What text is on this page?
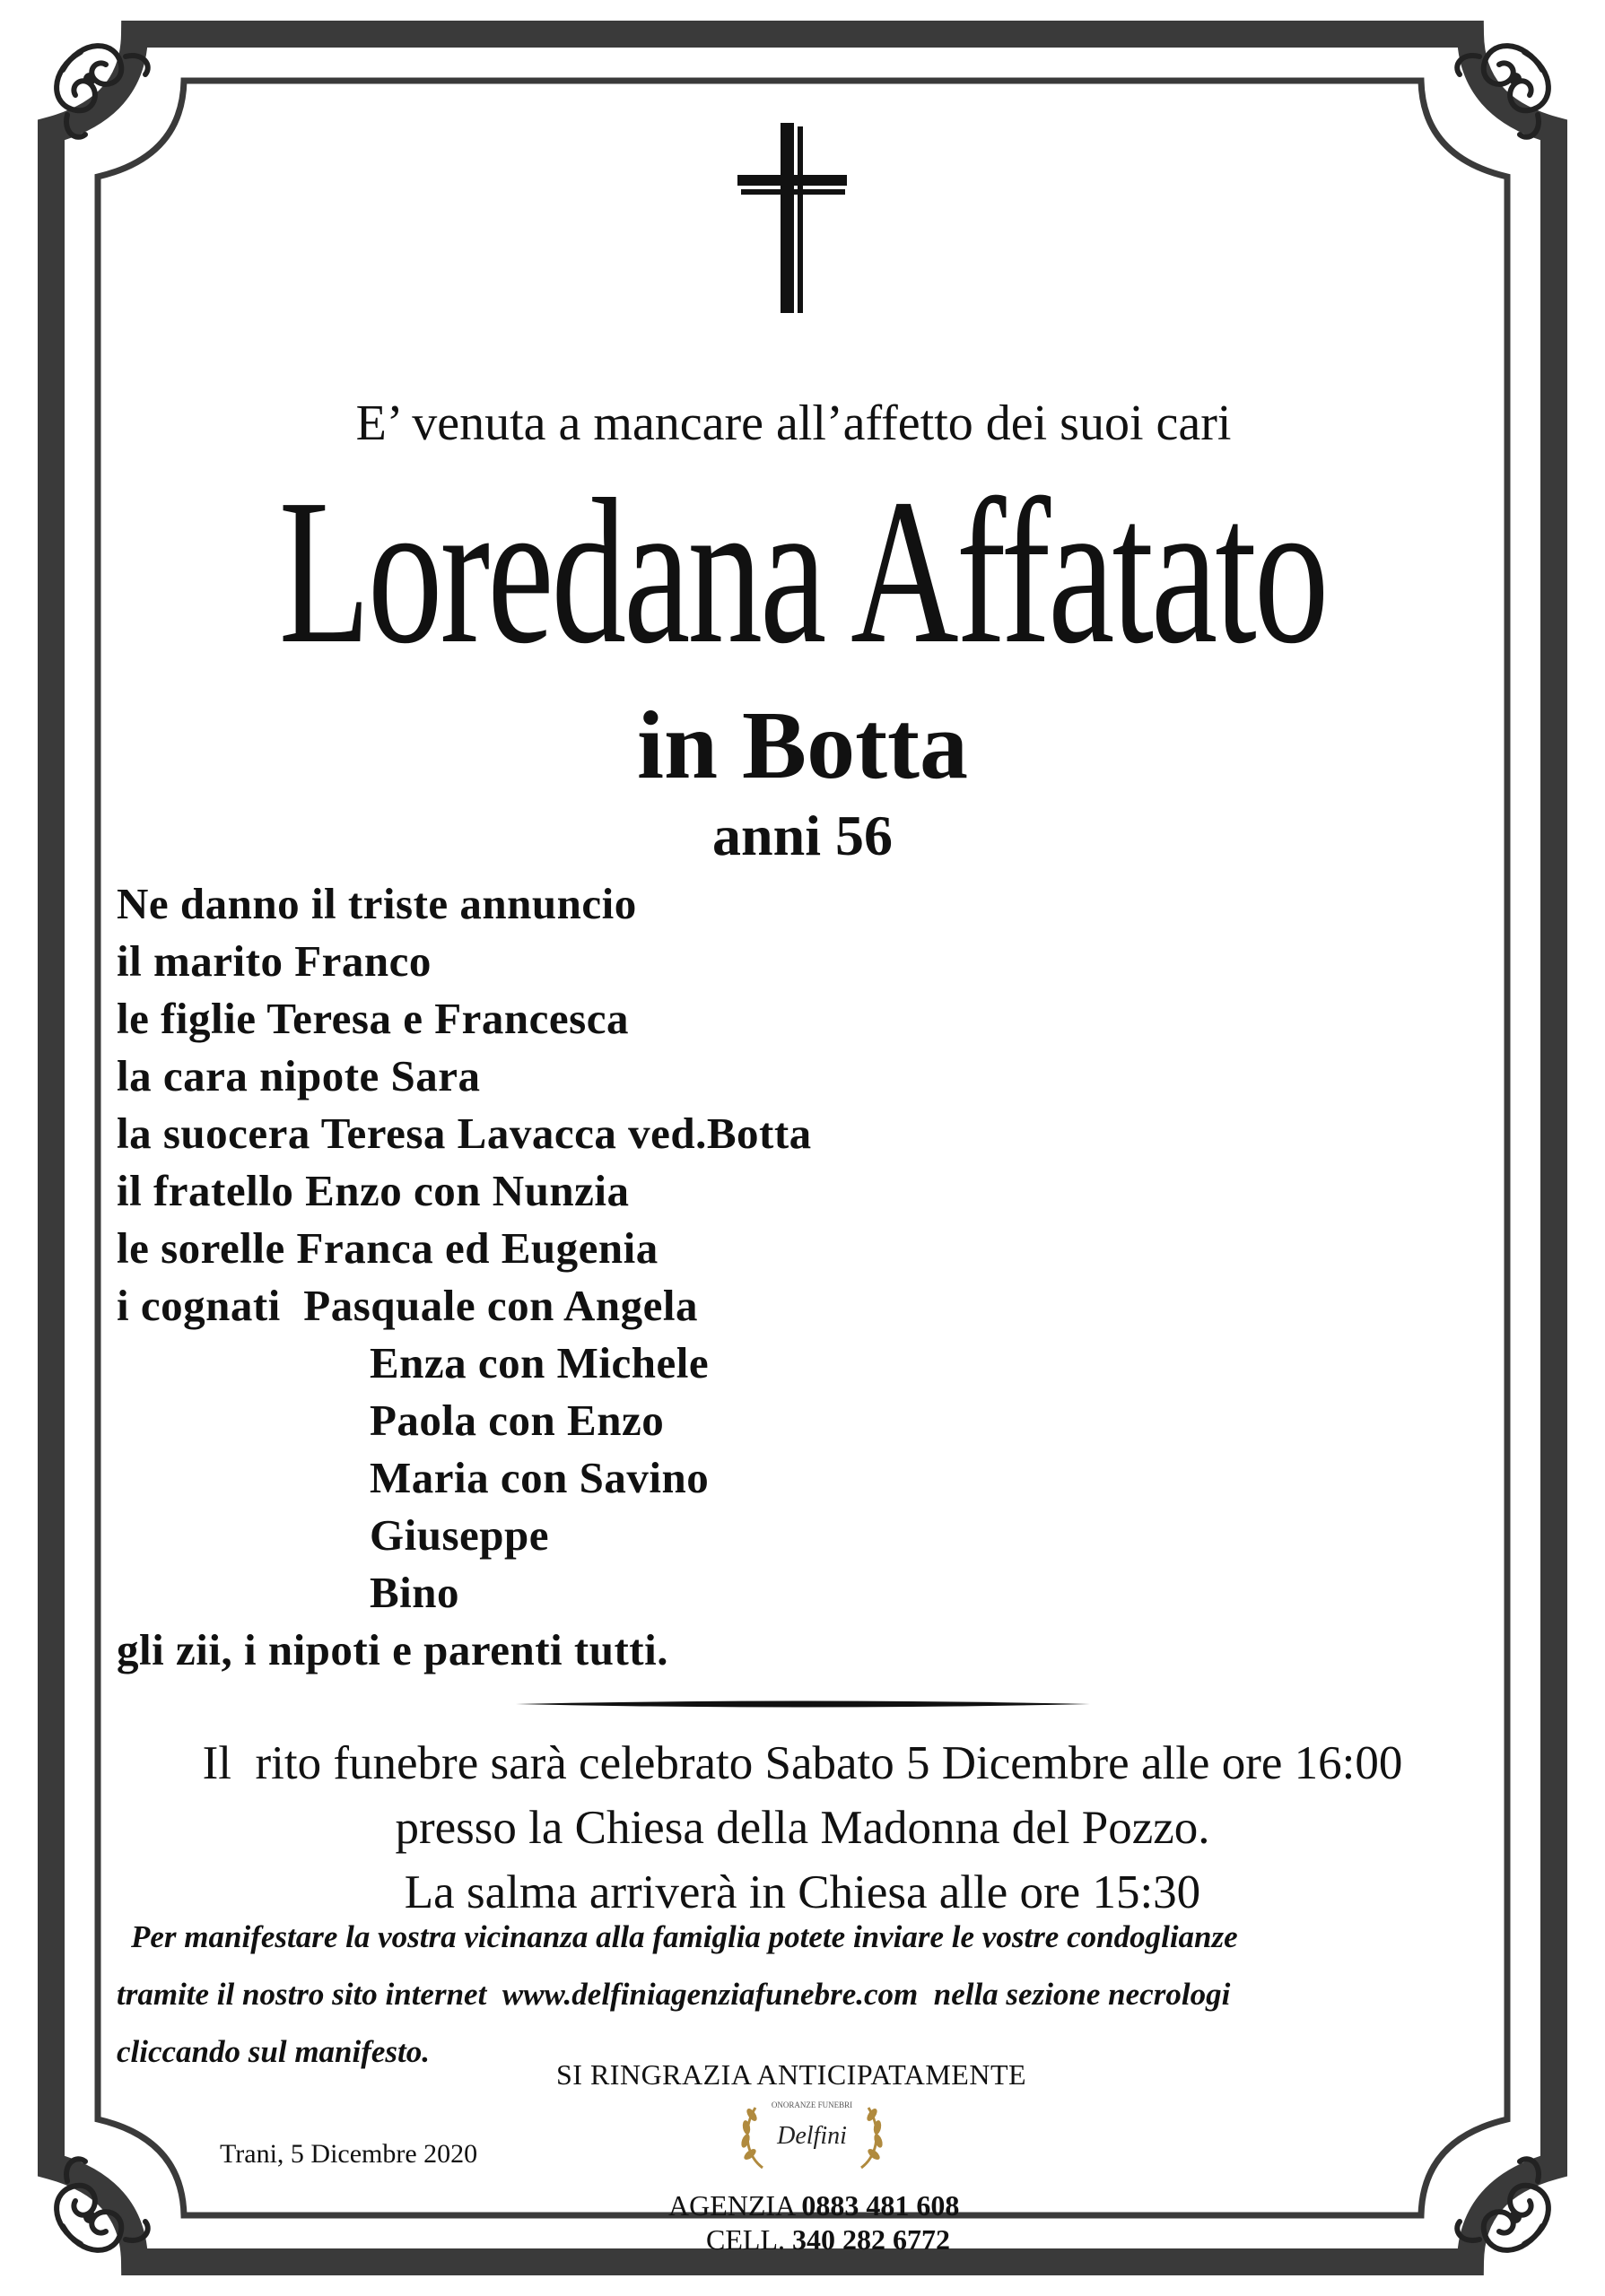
E’ venuta a mancare all’affetto dei suoi cari
Loredana Affatato
in Botta
anni 56
Ne danno il triste annuncio
il marito Franco
le figlie Teresa e Francesca
la cara nipote Sara
la suocera Teresa Lavacca ved.Botta
il fratello Enzo con Nunzia
le sorelle Franca ed Eugenia
i cognati  Pasquale con Angela
Enza con Michele
Paola con Enzo
Maria con Savino
Giuseppe
Bino
gli zii, i nipoti e parenti tutti.
Il  rito funebre sarà celebrato Sabato 5 Dicembre alle ore 16:00
presso la Chiesa della Madonna del Pozzo.
La salma arriverà in Chiesa alle ore 15:30
Per manifestare la vostra vicinanza alla famiglia potete inviare le vostre condoglianze
tramite il nostro sito internet  www.delfiniagenziafunebre.com  nella sezione necrologi
cliccando sul manifesto.
SI RINGRAZIA ANTICIPATAMENTE
Trani, 5 Dicembre 2020
ONORANZE FUNEBRI
Delfini
AGENZIA 0883 481 608
CELL. 340 282 6772
